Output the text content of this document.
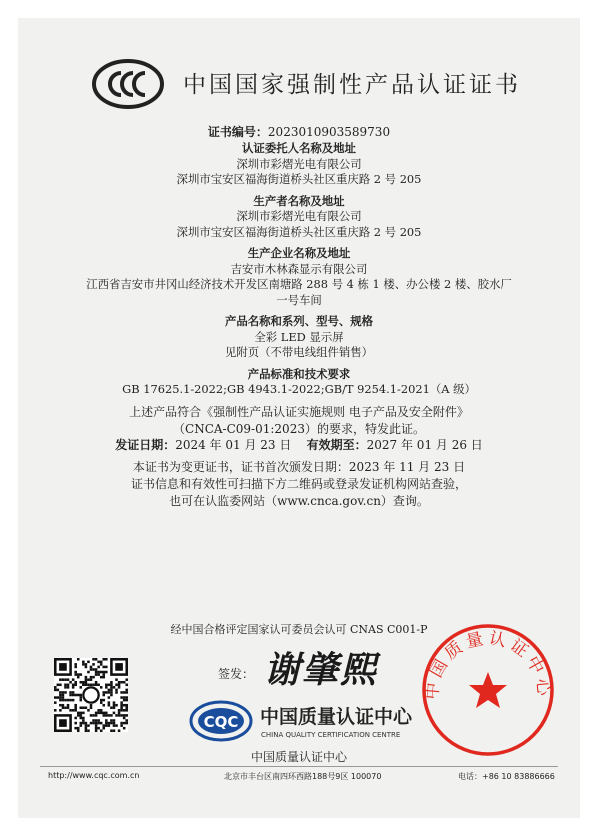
中国国家强制性产品认证证书

证书编号：2023010903589730

认证委托人名称及地址

深圳市彩熠光电有限公司

深圳市宝安区福海街道桥头社区重庆路 2 号 205

生产者名称及地址

深圳市彩熠光电有限公司

深圳市宝安区福海街道桥头社区重庆路 2 号 205

生产企业名称及地址

吉安市木林森显示有限公司

江西省吉安市井冈山经济技术开发区南塘路 288 号 4 栋 1 楼、办公楼 2 楼、胶水厂

一号车间

产品名称和系列、型号、规格

全彩 LED 显示屏

见附页（不带电线组件销售）

产品标准和技术要求

GB 17625.1-2022;GB 4943.1-2022;GB/T 9254.1-2021（A 级）

上述产品符合《强制性产品认证实施规则 电子产品及安全附件》

（CNCA-C09-01:2023）的要求，特发此证。

发证日期：2024 年 01 月 23 日 有效期至：2027 年 01 月 26 日

本证书为变更证书，证书首次颁发日期：2023 年 11 月 23 日

证书信息和有效性可扫描下方二维码或登录发证机构网站查验，

也可在认监委网站（www.cnca.gov.cn）查询。

经中国合格评定国家认可委员会认可 CNAS C001-P
签发： 谢肇熙
CQC 中国质量认证中心
CHINA QUALITY CERTIFICATION CENTRE
中国质量认证中心
中国质量认证中心
http://www.cqc.com.cn	北京市丰台区南四环西路188号9区 100070	电话：+86 10 83886666
